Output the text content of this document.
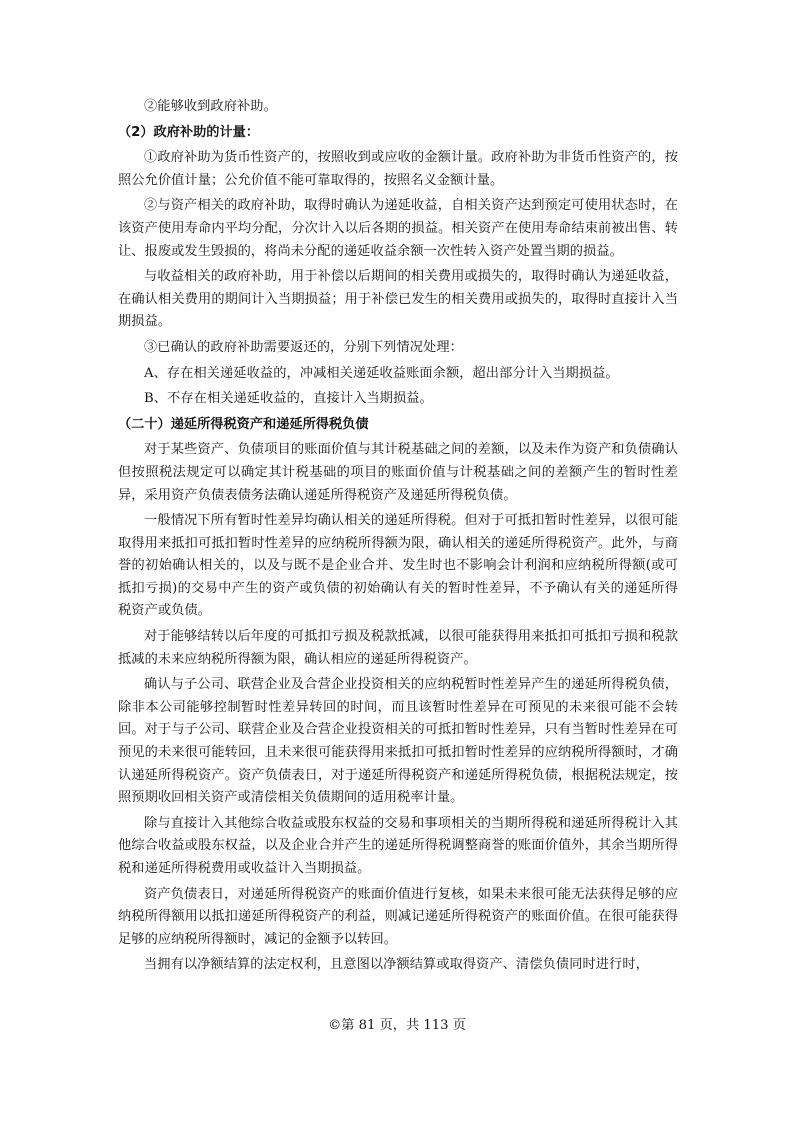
②能够收到政府补助。

（2）政府补助的计量：

①政府补助为货币性资产的，按照收到或应收的金额计量。政府补助为非货币性资产的，按照公允价值计量；公允价值不能可靠取得的，按照名义金额计量。

②与资产相关的政府补助，取得时确认为递延收益，自相关资产达到预定可使用状态时，在该资产使用寿命内平均分配，分次计入以后各期的损益。相关资产在使用寿命结束前被出售、转让、报废或发生毁损的，将尚未分配的递延收益余额一次性转入资产处置当期的损益。

与收益相关的政府补助，用于补偿以后期间的相关费用或损失的，取得时确认为递延收益，在确认相关费用的期间计入当期损益；用于补偿已发生的相关费用或损失的，取得时直接计入当期损益。

③已确认的政府补助需要返还的，分别下列情况处理：

A、存在相关递延收益的，冲减相关递延收益账面余额，超出部分计入当期损益。

B、不存在相关递延收益的，直接计入当期损益。

（二十）递延所得税资产和递延所得税负债

对于某些资产、负债项目的账面价值与其计税基础之间的差额，以及未作为资产和负债确认但按照税法规定可以确定其计税基础的项目的账面价值与计税基础之间的差额产生的暂时性差异，采用资产负债表债务法确认递延所得税资产及递延所得税负债。

一般情况下所有暂时性差异均确认相关的递延所得税。但对于可抵扣暂时性差异，以很可能取得用来抵扣可抵扣暂时性差异的应纳税所得额为限，确认相关的递延所得税资产。此外，与商誉的初始确认相关的，以及与既不是企业合并、发生时也不影响会计利润和应纳税所得额(或可抵扣亏损)的交易中产生的资产或负债的初始确认有关的暂时性差异，不予确认有关的递延所得税资产或负债。

对于能够结转以后年度的可抵扣亏损及税款抵减，以很可能获得用来抵扣可抵扣亏损和税款抵减的未来应纳税所得额为限，确认相应的递延所得税资产。

确认与子公司、联营企业及合营企业投资相关的应纳税暂时性差异产生的递延所得税负债，除非本公司能够控制暂时性差异转回的时间，而且该暂时性差异在可预见的未来很可能不会转回。对于与子公司、联营企业及合营企业投资相关的可抵扣暂时性差异，只有当暂时性差异在可预见的未来很可能转回，且未来很可能获得用来抵扣可抵扣暂时性差异的应纳税所得额时，才确认递延所得税资产。资产负债表日，对于递延所得税资产和递延所得税负债，根据税法规定，按照预期收回相关资产或清偿相关负债期间的适用税率计量。

除与直接计入其他综合收益或股东权益的交易和事项相关的当期所得税和递延所得税计入其他综合收益或股东权益，以及企业合并产生的递延所得税调整商誉的账面价值外，其余当期所得税和递延所得税费用或收益计入当期损益。

资产负债表日，对递延所得税资产的账面价值进行复核，如果未来很可能无法获得足够的应纳税所得额用以抵扣递延所得税资产的利益，则减记递延所得税资产的账面价值。在很可能获得足够的应纳税所得额时，减记的金额予以转回。

当拥有以净额结算的法定权利，且意图以净额结算或取得资产、清偿负债同时进行时，

©第 81 页，共 113 页
